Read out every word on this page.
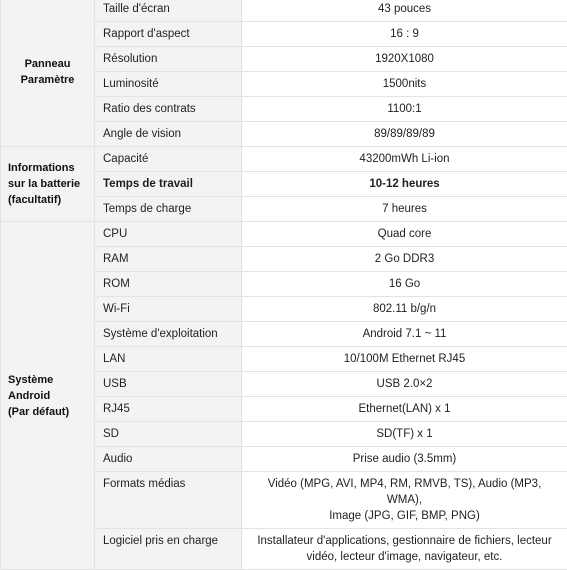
Panneau
Paramètre	Taille d'écran	43 pouces
	Rapport d'aspect	16 : 9
	Résolution	1920X1080
	Luminosité	1500nits
	Ratio des contrats	1100:1
	Angle de vision	89/89/89/89

Informations
sur la batterie
(facultatif)	Capacité	43200mWh Li-ion
	Temps de travail	10-12 heures
	Temps de charge	7 heures

Système
Android
(Par défaut)	CPU	Quad core
	RAM	2 Go DDR3
	ROM	16 Go
	Wi-Fi	802.11 b/g/n
	Système d'exploitation	Android 7.1 ~ 11
	LAN	10/100M Ethernet RJ45
	USB	USB 2.0×2
	RJ45	Ethernet(LAN) x 1
	SD	SD(TF) x 1
	Audio	Prise audio (3.5mm)
	Formats médias	Vidéo (MPG, AVI, MP4, RM, RMVB, TS), Audio (MP3, WMA),
Image (JPG, GIF, BMP, PNG)

	Logiciel pris en charge	Installateur d'applications, gestionnaire de fichiers, lecteur
vidéo, lecteur d'image, navigateur, etc.
